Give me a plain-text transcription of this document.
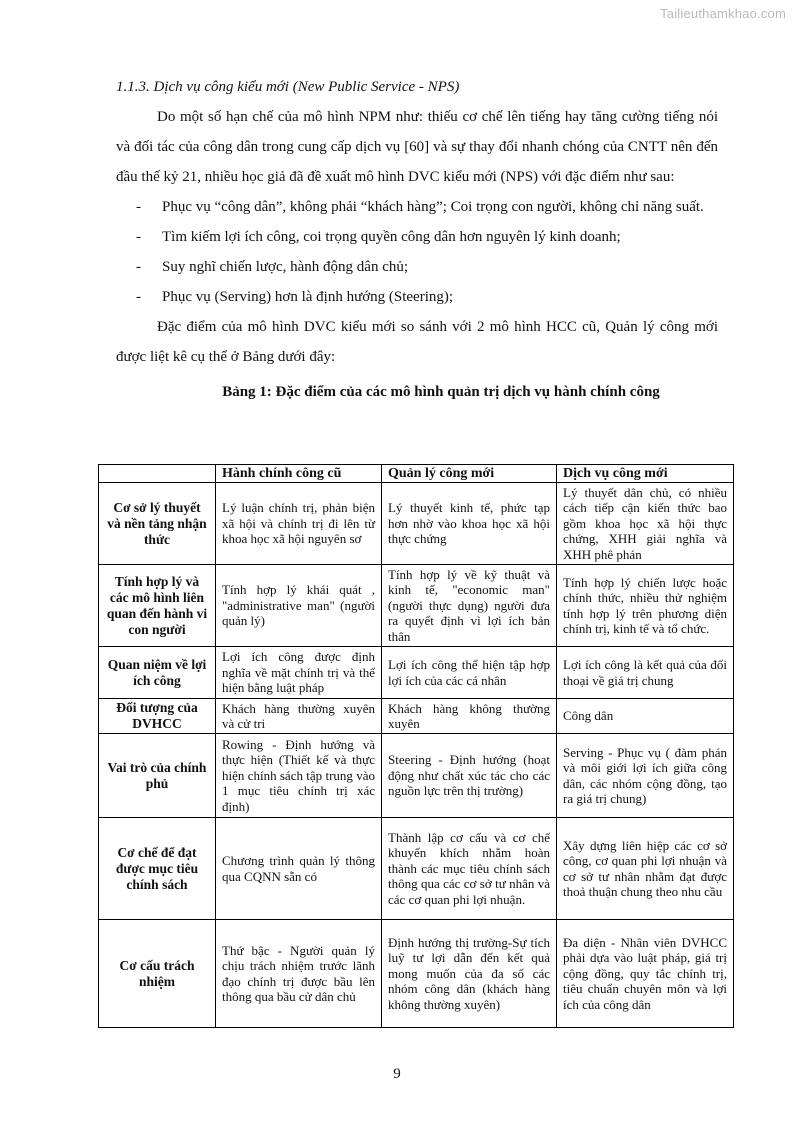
Tailieuthamkhao.com

1.1.3. Dịch vụ công kiểu mới (New Public Service - NPS)

Do một số hạn chế của mô hình NPM như: thiếu cơ chế lên tiếng hay tăng cường tiếng nói và đối tác của công dân trong cung cấp dịch vụ [60] và sự thay đổi nhanh chóng của CNTT nên đến đầu thế kỷ 21, nhiều học giả đã đề xuất mô hình DVC kiểu mới (NPS) với đặc điểm như sau:

- Phục vụ “công dân”, không phải “khách hàng”; Coi trọng con người, không chỉ năng suất.

- Tìm kiếm lợi ích công, coi trọng quyền công dân hơn nguyên lý kinh doanh;

- Suy nghĩ chiến lược, hành động dân chủ;

- Phục vụ (Serving) hơn là định hướng (Steering);

Đặc điểm của mô hình DVC kiểu mới so sánh với 2 mô hình HCC cũ, Quản lý công mới được liệt kê cụ thể ở Bảng dưới đây:

Bảng 1: Đặc điểm của các mô hình quản trị dịch vụ hành chính công
	Hành chính công cũ	Quản lý công mới	Dịch vụ công mới
Cơ sở lý thuyết và nền tảng nhận thức	Lý luận chính trị, phản biện xã hội và chính trị đi lên từ khoa học xã hội nguyên sơ	Lý thuyết kinh tế, phức tạp hơn nhờ vào khoa học xã hội thực chứng	Lý thuyết dân chủ, có nhiều cách tiếp cận kiến thức bao gồm khoa học xã hội thực chứng, XHH giải nghĩa và XHH phê phán
Tính hợp lý và các mô hình liên quan đến hành vi con người	Tính hợp lý khái quát , "administrative man" (người quản lý)	Tính hợp lý về kỹ thuật và kinh tế, "economic man" (người thực dụng) người đưa ra quyết định vì lợi ích bản thân	Tính hợp lý chiến lược hoặc chính thức, nhiều thử nghiệm tính hợp lý trên phương diện chính trị, kinh tế và tổ chức.
Quan niệm về lợi ích công	Lợi ích công được định nghĩa về mặt chính trị và thể hiện bằng luật pháp	Lợi ích công thể hiện tập hợp lợi ích của các cá nhân	Lợi ích công là kết quả của đối thoại về giá trị chung
Đối tượng của DVHCC	Khách hàng thường xuyên và cử tri	Khách hàng không thường xuyên	Công dân
Vai trò của chính phủ	Rowing - Định hướng và thực hiện (Thiết kế và thực hiện chính sách tập trung vào 1 mục tiêu chính trị xác định)	Steering - Định hướng (hoạt động như chất xúc tác cho các nguồn lực trên thị trường)	Serving - Phục vụ ( đàm phán và môi giới lợi ích giữa công dân, các nhóm cộng đồng, tạo ra giá trị chung)
Cơ chế để đạt được mục tiêu chính sách	Chương trình quản lý thông qua CQNN sẵn có	Thành lập cơ cấu và cơ chế khuyến khích nhằm hoàn thành các mục tiêu chính sách thông qua các cơ sở tư nhân và các cơ quan phi lợi nhuận.	Xây dựng liên hiệp các cơ sở công, cơ quan phi lợi nhuận và cơ sở tư nhân nhằm đạt được thoả thuận chung theo nhu cầu
Cơ cấu trách nhiệm	Thứ bậc - Người quản lý chịu trách nhiệm trước lãnh đạo chính trị được bầu lên thông qua bầu cử dân chủ	Định hướng thị trường-Sự tích luỹ tư lợi dẫn đến kết quả mong muốn của đa số các nhóm công dân (khách hàng không thường xuyên)	Đa diện - Nhân viên DVHCC phải dựa vào luật pháp, giá trị cộng đồng, quy tắc chính trị, tiêu chuẩn chuyên môn và lợi ích của công dân
9
